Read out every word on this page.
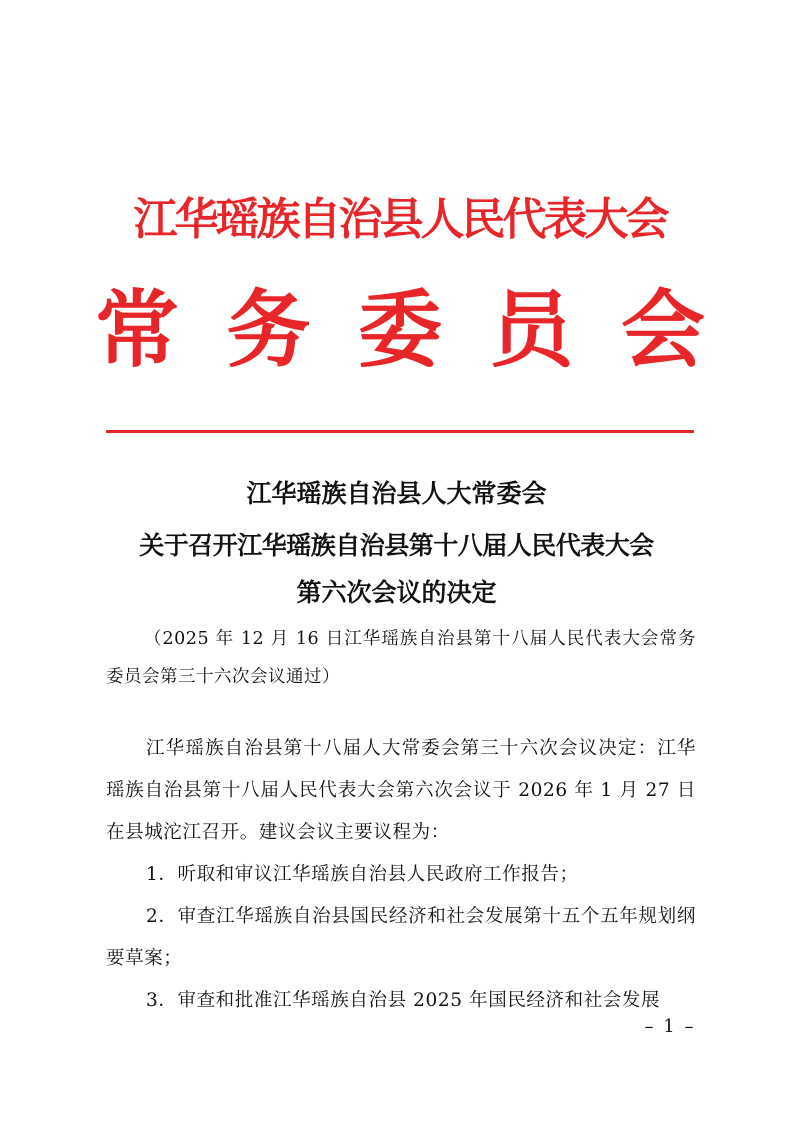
江华瑶族自治县人民代表大会
常 务 委 员 会
江华瑶族自治县人大常委会
关于召开江华瑶族自治县第十八届人民代表大会
第六次会议的决定
（2025 年 12 月 16 日江华瑶族自治县第十八届人民代表大会常务委员会第三十六次会议通过）

江华瑶族自治县第十八届人大常委会第三十六次会议决定：江华瑶族自治县第十八届人民代表大会第六次会议于 2026 年 1 月 27 日在县城沱江召开。建议会议主要议程为：

1．听取和审议江华瑶族自治县人民政府工作报告；

2．审查江华瑶族自治县国民经济和社会发展第十五个五年规划纲要草案；

3．审查和批准江华瑶族自治县 2025 年国民经济和社会发展

– 1 –
